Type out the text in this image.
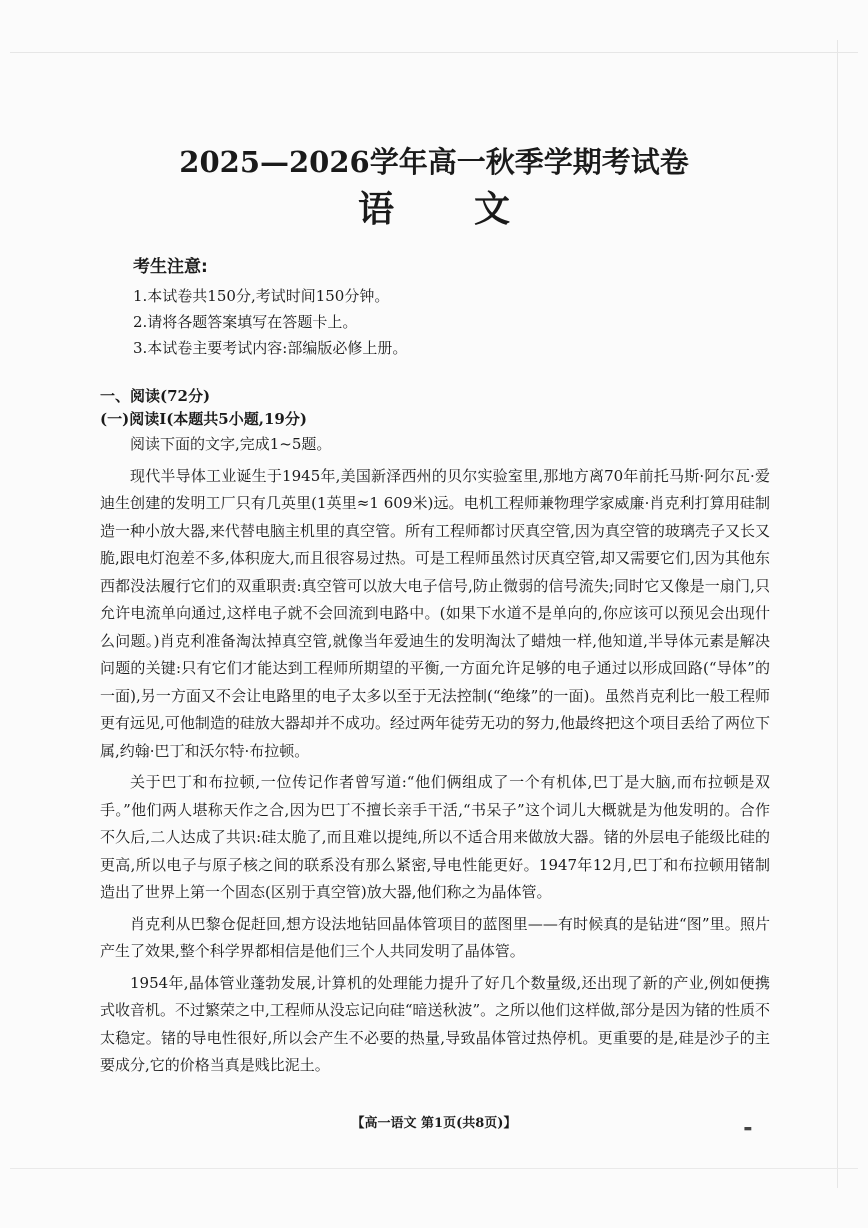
2025—2026学年高一秋季学期考试卷
语文
考生注意:
1.本试卷共150分,考试时间150分钟。
2.请将各题答案填写在答题卡上。
3.本试卷主要考试内容:部编版必修上册。
一、阅读(72分)
(一)阅读Ⅰ(本题共5小题,19分)

阅读下面的文字,完成1~5题。

现代半导体工业诞生于1945年,美国新泽西州的贝尔实验室里,那地方离70年前托马斯·阿尔瓦·爱迪生创建的发明工厂只有几英里(1英里≈1 609米)远。电机工程师兼物理学家威廉·肖克利打算用硅制造一种小放大器,来代替电脑主机里的真空管。所有工程师都讨厌真空管,因为真空管的玻璃壳子又长又脆,跟电灯泡差不多,体积庞大,而且很容易过热。可是工程师虽然讨厌真空管,却又需要它们,因为其他东西都没法履行它们的双重职责:真空管可以放大电子信号,防止微弱的信号流失;同时它又像是一扇门,只允许电流单向通过,这样电子就不会回流到电路中。(如果下水道不是单向的,你应该可以预见会出现什么问题。)肖克利准备淘汰掉真空管,就像当年爱迪生的发明淘汰了蜡烛一样,他知道,半导体元素是解决问题的关键:只有它们才能达到工程师所期望的平衡,一方面允许足够的电子通过以形成回路(“导体”的一面),另一方面又不会让电路里的电子太多以至于无法控制(“绝缘”的一面)。虽然肖克利比一般工程师更有远见,可他制造的硅放大器却并不成功。经过两年徒劳无功的努力,他最终把这个项目丢给了两位下属,约翰·巴丁和沃尔特·布拉顿。

关于巴丁和布拉顿,一位传记作者曾写道:“他们俩组成了一个有机体,巴丁是大脑,而布拉顿是双手。”他们两人堪称天作之合,因为巴丁不擅长亲手干活,“书呆子”这个词儿大概就是为他发明的。合作不久后,二人达成了共识:硅太脆了,而且难以提纯,所以不适合用来做放大器。锗的外层电子能级比硅的更高,所以电子与原子核之间的联系没有那么紧密,导电性能更好。1947年12月,巴丁和布拉顿用锗制造出了世界上第一个固态(区别于真空管)放大器,他们称之为晶体管。

肖克利从巴黎仓促赶回,想方设法地钻回晶体管项目的蓝图里——有时候真的是钻进“图”里。照片产生了效果,整个科学界都相信是他们三个人共同发明了晶体管。

1954年,晶体管业蓬勃发展,计算机的处理能力提升了好几个数量级,还出现了新的产业,例如便携式收音机。不过繁荣之中,工程师从没忘记向硅“暗送秋波”。之所以他们这样做,部分是因为锗的性质不太稳定。锗的导电性很好,所以会产生不必要的热量,导致晶体管过热停机。更重要的是,硅是沙子的主要成分,它的价格当真是贱比泥土。

【高一语文 第1页(共8页)】	▬
